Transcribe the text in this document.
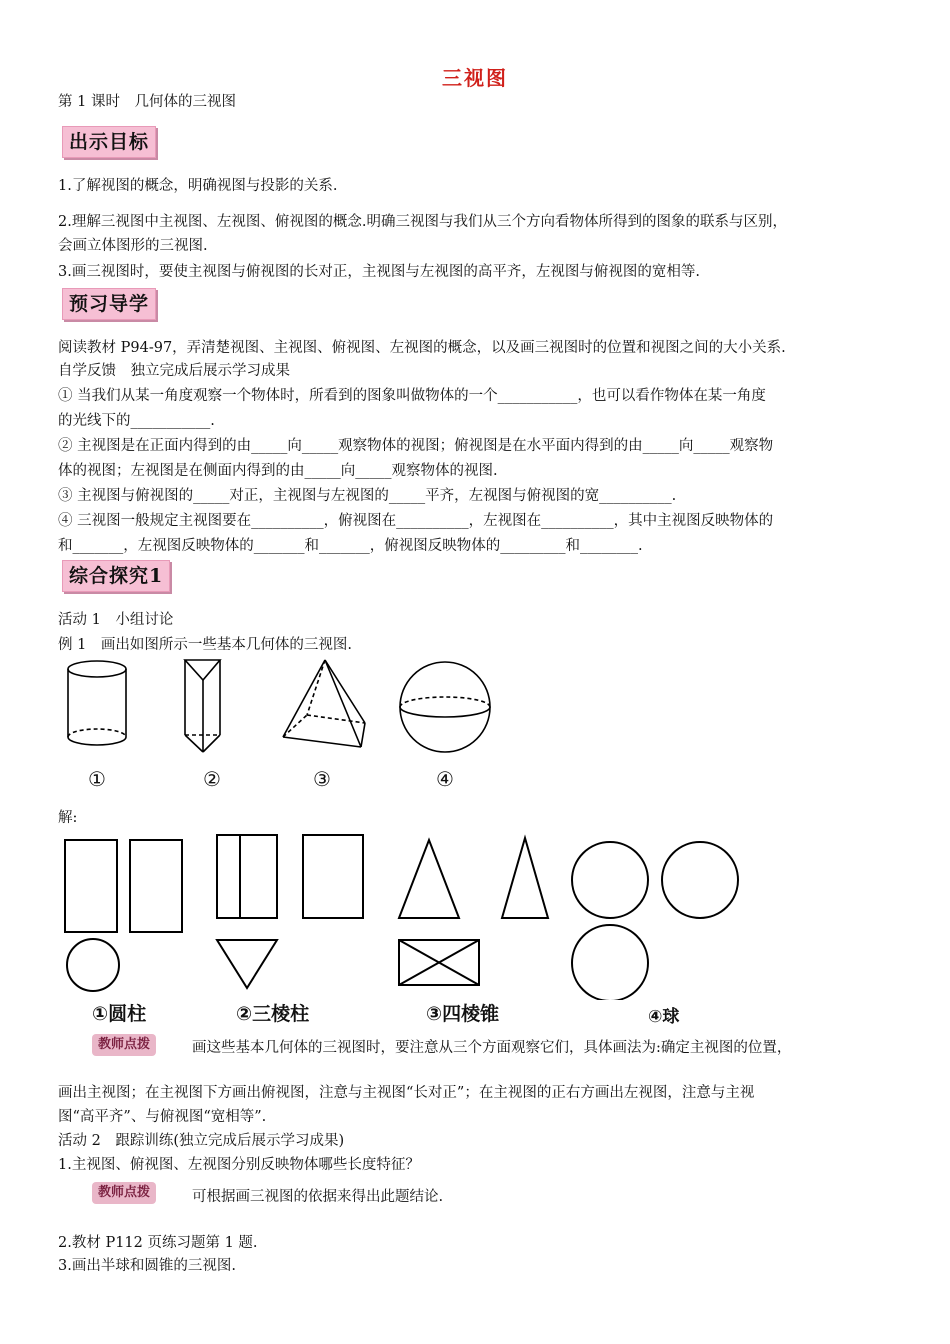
三视图
第 1 课时　几何体的三视图
出示目标
1.了解视图的概念，明确视图与投影的关系.
2.理解三视图中主视图、左视图、俯视图的概念.明确三视图与我们从三个方向看物体所得到的图象的联系与区别，
会画立体图形的三视图.
3.画三视图时，要使主视图与俯视图的长对正，主视图与左视图的高平齐，左视图与俯视图的宽相等.
预习导学
阅读教材 P94-97，弄清楚视图、主视图、俯视图、左视图的概念，以及画三视图时的位置和视图之间的大小关系.
自学反馈　独立完成后展示学习成果
① 当我们从某一角度观察一个物体时，所看到的图象叫做物体的一个___________，也可以看作物体在某一角度
的光线下的___________.
② 主视图是在正面内得到的由_____向_____观察物体的视图；俯视图是在水平面内得到的由_____向_____观察物
体的视图；左视图是在侧面内得到的由_____向_____观察物体的视图.
③ 主视图与俯视图的_____对正，主视图与左视图的_____平齐，左视图与俯视图的宽__________.
④ 三视图一般规定主视图要在__________，俯视图在__________，左视图在__________，其中主视图反映物体的
和_______，左视图反映物体的_______和_______，俯视图反映物体的_________和________.
综合探究1
活动 1　小组讨论
例 1　画出如图所示一些基本几何体的三视图.
①	②	③	④
解:
①圆柱	②三棱柱	③四棱锥	④球
教师点拨	画这些基本几何体的三视图时，要注意从三个方面观察它们，具体画法为:确定主视图的位置，
画出主视图；在主视图下方画出俯视图，注意与主视图“长对正”；在主视图的正右方画出左视图，注意与主视
图“高平齐”、与俯视图“宽相等”.
活动 2　跟踪训练(独立完成后展示学习成果)
1.主视图、俯视图、左视图分别反映物体哪些长度特征？
教师点拨	可根据画三视图的依据来得出此题结论.
2.教材 P112 页练习题第 1 题.
3.画出半球和圆锥的三视图.
